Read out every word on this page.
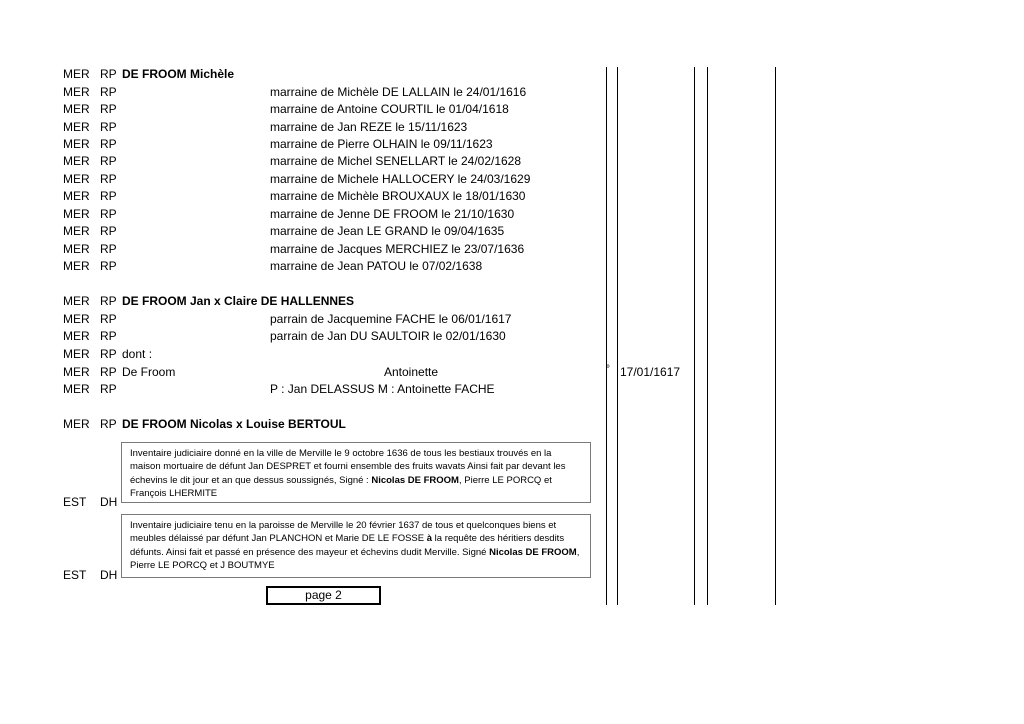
MER RP DE FROOM Michèle
MER RP	marraine de Michèle DE LALLAIN le 24/01/1616
MER RP	marraine de Antoine COURTIL le 01/04/1618
MER RP	marraine de Jan REZE le 15/11/1623
MER RP	marraine de Pierre OLHAIN le 09/11/1623
MER RP	marraine de Michel SENELLART le 24/02/1628
MER RP	marraine de Michele HALLOCERY le 24/03/1629
MER RP	marraine de Michèle BROUXAUX le 18/01/1630
MER RP	marraine de Jenne DE FROOM le 21/10/1630
MER RP	marraine de Jean LE GRAND le 09/04/1635
MER RP	marraine de Jacques MERCHIEZ le 23/07/1636
MER RP	marraine de Jean PATOU le 07/02/1638
MER RP DE FROOM Jan x Claire DE HALLENNES
MER RP	parrain de Jacquemine FACHE le 06/01/1617
MER RP	parrain de Jan DU SAULTOIR le 02/01/1630
MER RP dont :
MER RP De Froom	Antoinette	° 17/01/1617
MER RP	P : Jan DELASSUS M : Antoinette FACHE
MER RP DE FROOM Nicolas x Louise BERTOUL
Inventaire judiciaire donné en la ville de Merville le 9 octobre 1636 de tous les bestiaux trouvés en la maison mortuaire de défunt Jan DESPRET et fourni ensemble des fruits wavats Ainsi fait par devant les échevins le dit jour et an que dessus soussignés, Signé : Nicolas DE FROOM, Pierre LE PORCQ et François LHERMITE
EST DH
Inventaire judiciaire tenu en la paroisse de Merville le 20 février 1637 de tous et quelconques biens et meubles délaissé par défunt Jan PLANCHON et Marie DE LE FOSSE à la requête des héritiers desdits défunts. Ainsi fait et passé en présence des mayeur et échevins dudit Merville. Signé Nicolas DE FROOM, Pierre LE PORCQ et J BOUTMYE
EST DH
page 2
